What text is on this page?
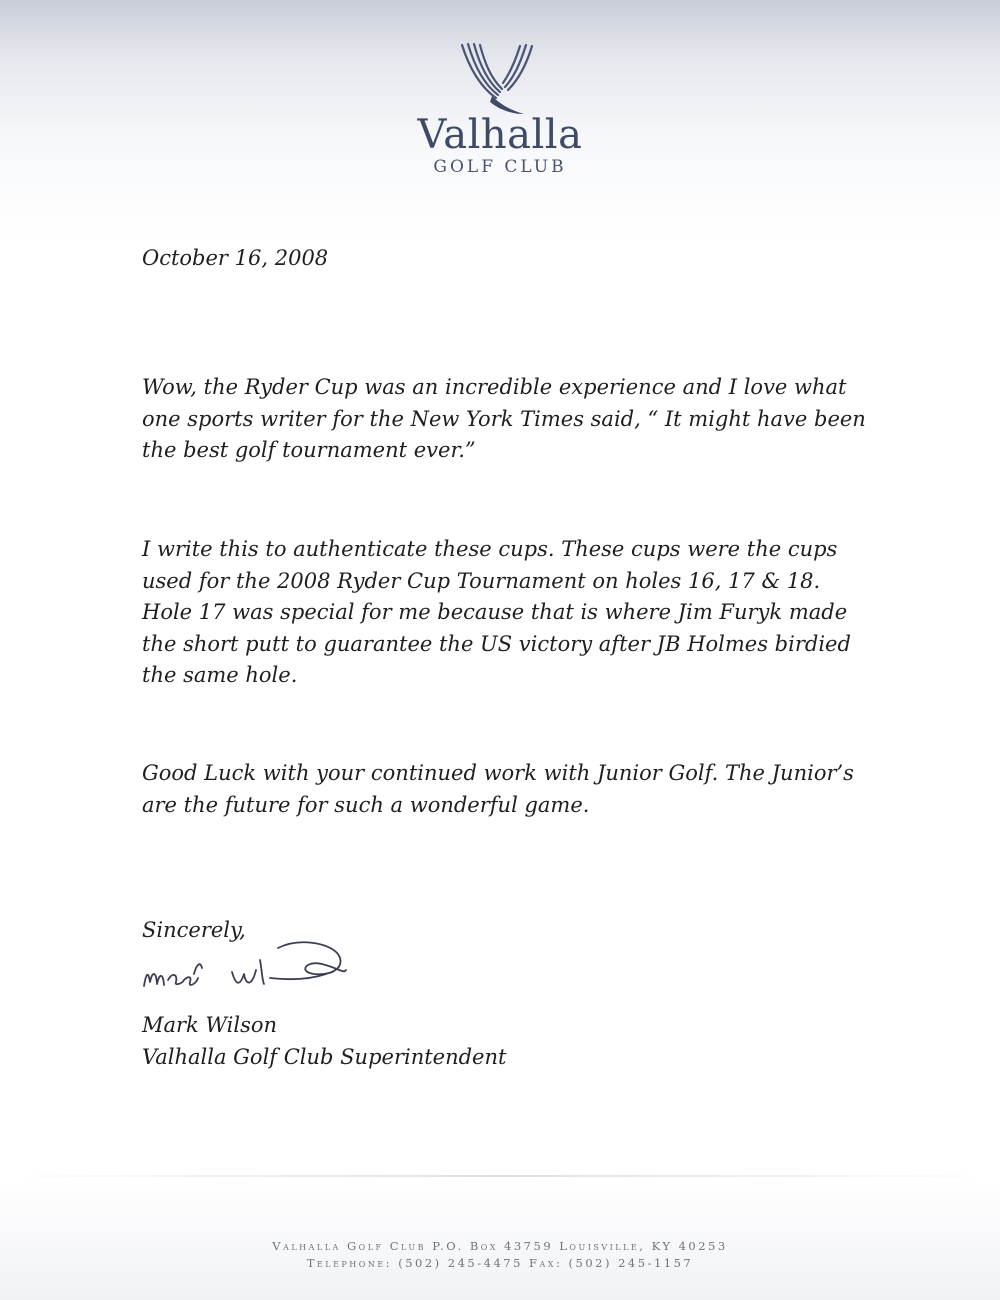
Valhalla
GOLF CLUB

October 16, 2008

Wow, the Ryder Cup was an incredible experience and I love what one sports writer for the New York Times said, “ It might have been the best golf tournament ever.”

I write this to authenticate these cups. These cups were the cups used for the 2008 Ryder Cup Tournament on holes 16, 17 & 18. Hole 17 was special for me because that is where Jim Furyk made the short putt to guarantee the US victory after JB Holmes birdied the same hole.

Good Luck with your continued work with Junior Golf. The Junior’s are the future for such a wonderful game.

Sincerely,

Mark Wilson

Valhalla Golf Club Superintendent

Valhalla Golf Club P.O. Box 43759 Louisville, KY 40253
Telephone: (502) 245-4475 Fax: (502) 245-1157
